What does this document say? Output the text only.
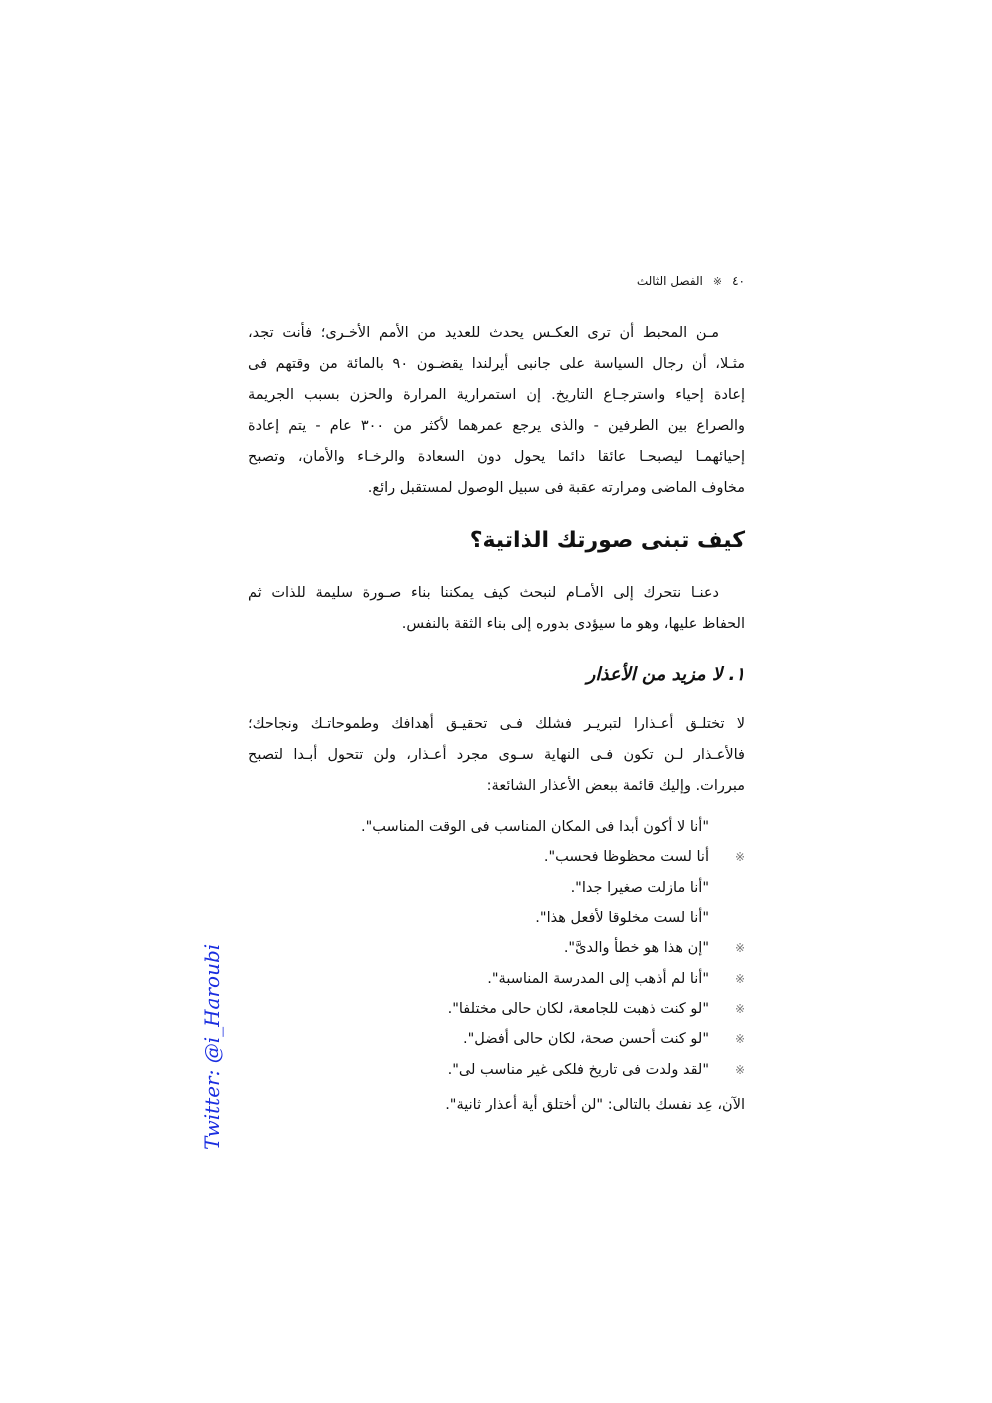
٤٠
※
الفصل الثالث
مـن المحبط أن ترى العكـس يحدث للعديد من الأمم الأخـرى؛ فأنت تجد،
مثـلا، أن رجال السياسة على جانبى أيرلندا يقضـون ٩٠ بالمائة من وقتهم فى
إعادة إحياء واسترجـاع التاريخ. إن استمرارية المرارة والحزن بسبب الجريمة
والصراع بين الطرفين - والذى يرجع عمرهما لأكثر من ٣٠٠ عام - يتم إعادة
إحيائهمـا ليصبحـا عائقا دائما يحول دون السعادة والرخـاء والأمان، وتصبح
مخاوف الماضى ومرارته عقبة فى سبيل الوصول لمستقبل رائع.
كيف تبنى صورتك الذاتية؟
دعنـا نتحرك إلى الأمـام لنبحث كيف يمكننا بناء صـورة سليمة للذات ثم
الحفاظ عليها، وهو ما سيؤدى بدوره إلى بناء الثقة بالنفس.
١. لا مزيد من الأعذار
لا تختلـق أعـذارا لتبريـر فشلك فـى تحقيـق أهدافك وطموحاتـك ونجاحك؛
فالأعـذار لـن تكون فـى النهاية سـوى مجرد أعـذار، ولن تتحول أبـدا لتصبح
مبررات. وإليك قائمة ببعض الأعذار الشائعة:
"أنا لا أكون أبدا فى المكان المناسب فى الوقت المناسب".
※
أنا لست محظوظا فحسب".
"أنا مازلت صغيرا جدا".
"أنا لست مخلوقا لأفعل هذا".
※
"إن هذا هو خطأ والدىَّ".
※
"أنا لم أذهب إلى المدرسة المناسبة".
※
"لو كنت ذهبت للجامعة، لكان حالى مختلفا".
※
"لو كنت أحسن صحة، لكان حالى أفضل".
※
"لقد ولدت فى تاريخ فلكى غير مناسب لى".
الآن، عِد نفسك بالتالى: "لن أختلق أية أعذار ثانية".
Twitter: @i_Haroubi
